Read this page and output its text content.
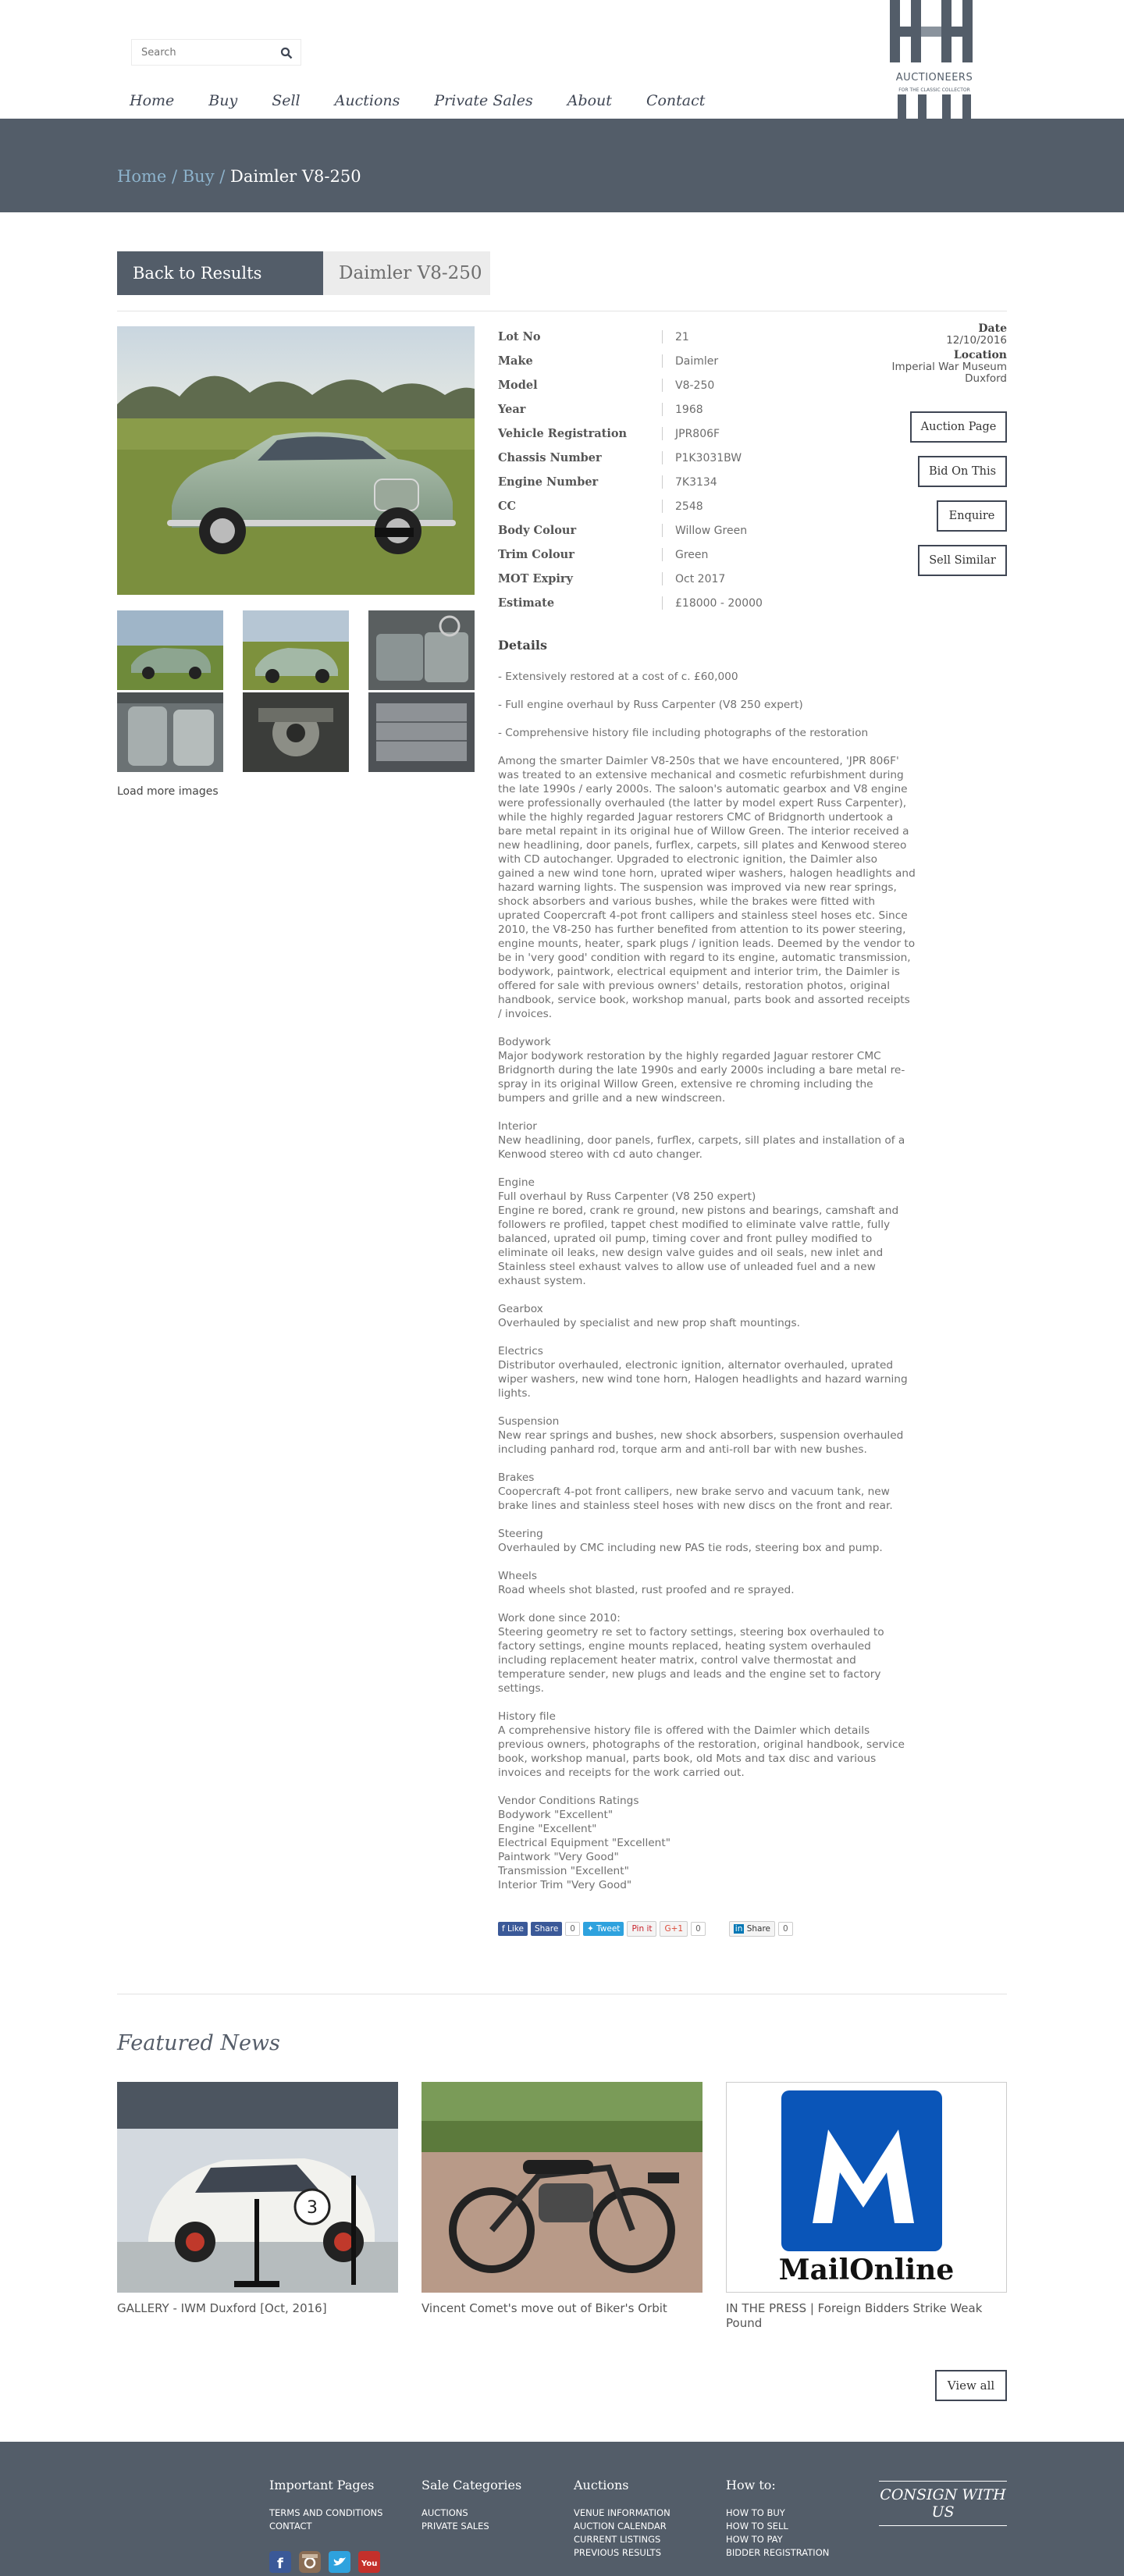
Search
Home Buy Sell Auctions Private Sales About Contact
AUCTIONEERS
FOR THE CLASSIC COLLECTOR
Home / Buy / Daimler V8-250
Back to Results	Daimler V8-250
Load more images
Lot No	21
Make	Daimler
Model	V8-250
Year	1968
Vehicle Registration	JPR806F
Chassis Number	P1K3031BW
Engine Number	7K3134
CC	2548
Body Colour	Willow Green
Trim Colour	Green
MOT Expiry	Oct 2017
Estimate	£18000 - 20000
Date
12/10/2016
Location
Imperial War Museum
Duxford
Auction Page
Bid On This
Enquire
Sell Similar
Details
- Extensively restored at a cost of c. £60,000
- Full engine overhaul by Russ Carpenter (V8 250 expert)
- Comprehensive history file including photographs of the restoration

Among the smarter Daimler V8-250s that we have encountered, 'JPR 806F' was treated to an extensive mechanical and cosmetic refurbishment during the late 1990s / early 2000s. The saloon's automatic gearbox and V8 engine were professionally overhauled (the latter by model expert Russ Carpenter), while the highly regarded Jaguar restorers CMC of Bridgnorth undertook a bare metal repaint in its original hue of Willow Green. The interior received a new headlining, door panels, furflex, carpets, sill plates and Kenwood stereo with CD autochanger. Upgraded to electronic ignition, the Daimler also gained a new wind tone horn, uprated wiper washers, halogen headlights and hazard warning lights. The suspension was improved via new rear springs, shock absorbers and various bushes, while the brakes were fitted with uprated Coopercraft 4-pot front callipers and stainless steel hoses etc. Since 2010, the V8-250 has further benefited from attention to its power steering, engine mounts, heater, spark plugs / ignition leads. Deemed by the vendor to be in 'very good' condition with regard to its engine, automatic transmission, bodywork, paintwork, electrical equipment and interior trim, the Daimler is offered for sale with previous owners' details, restoration photos, original handbook, service book, workshop manual, parts book and assorted receipts / invoices.

Bodywork
Major bodywork restoration by the highly regarded Jaguar restorer CMC Bridgnorth during the late 1990s and early 2000s including a bare metal re-spray in its original Willow Green, extensive re chroming including the bumpers and grille and a new windscreen.

Interior
New headlining, door panels, furflex, carpets, sill plates and installation of a Kenwood stereo with cd auto changer.

Engine
Full overhaul by Russ Carpenter (V8 250 expert)
Engine re bored, crank re ground, new pistons and bearings, camshaft and followers re profiled, tappet chest modified to eliminate valve rattle, fully balanced, uprated oil pump, timing cover and front pulley modified to eliminate oil leaks, new design valve guides and oil seals, new inlet and Stainless steel exhaust valves to allow use of unleaded fuel and a new exhaust system.

Gearbox
Overhauled by specialist and new prop shaft mountings.

Electrics
Distributor overhauled, electronic ignition, alternator overhauled, uprated wiper washers, new wind tone horn, Halogen headlights and hazard warning lights.

Suspension
New rear springs and bushes, new shock absorbers, suspension overhauled including panhard rod, torque arm and anti-roll bar with new bushes.

Brakes
Coopercraft 4-pot front callipers, new brake servo and vacuum tank, new brake lines and stainless steel hoses with new discs on the front and rear.

Steering
Overhauled by CMC including new PAS tie rods, steering box and pump.

Wheels
Road wheels shot blasted, rust proofed and re sprayed.

Work done since 2010:
Steering geometry re set to factory settings, steering box overhauled to factory settings, engine mounts replaced, heating system overhauled including replacement heater matrix, control valve thermostat and temperature sender, new plugs and leads and the engine set to factory settings.

History file
A comprehensive history file is offered with the Daimler which details previous owners, photographs of the restoration, original handbook, service book, workshop manual, parts book, old Mots and tax disc and various invoices and receipts for the work carried out.

Vendor Conditions Ratings
Bodywork "Excellent"
Engine "Excellent"
Electrical Equipment "Excellent"
Paintwork "Very Good"
Transmission "Excellent"
Interior Trim "Very Good"

f Like	Share	0	✦ Tweet	Pin it	G+1	0	in Share	0
Featured News
3
MailOnline
GALLERY - IWM Duxford [Oct, 2016]	Vincent Comet's move out of Biker's Orbit	IN THE PRESS | Foreign Bidders Strike Weak Pound
View all
Important Pages
TERMS AND CONDITIONS
CONTACT
Sale Categories
AUCTIONS
PRIVATE SALES
Auctions
VENUE INFORMATION
AUCTION CALENDAR
CURRENT LISTINGS
PREVIOUS RESULTS
How to:
HOW TO BUY
HOW TO SELL
HOW TO PAY
BIDDER REGISTRATION
CONSIGN WITH US
f	You
